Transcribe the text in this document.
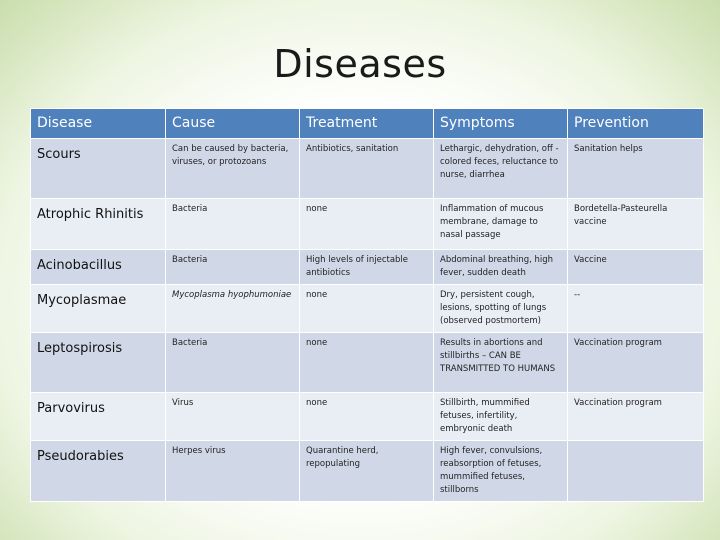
Diseases
Disease	Cause	Treatment	Symptoms	Prevention
Scours	Can be caused by bacteria, viruses, or protozoans	Antibiotics, sanitation	Lethargic, dehydration, off -colored feces, reluctance to nurse, diarrhea	Sanitation helps
Atrophic Rhinitis	Bacteria	none	Inflammation of mucous membrane, damage to nasal passage	Bordetella-Pasteurella vaccine
Acinobacillus	Bacteria	High levels of injectable antibiotics	Abdominal breathing, high fever, sudden death	Vaccine
Mycoplasmae	Mycoplasma hyophumoniae	none	Dry, persistent cough, lesions, spotting of lungs (observed postmortem)	--
Leptospirosis	Bacteria	none	Results in abortions and stillbirths – CAN BE TRANSMITTED TO HUMANS	Vaccination program
Parvovirus	Virus	none	Stillbirth, mummified fetuses, infertility, embryonic death	Vaccination program
Pseudorabies	Herpes virus	Quarantine herd, repopulating	High fever, convulsions, reabsorption of fetuses, mummified fetuses, stillborns	
